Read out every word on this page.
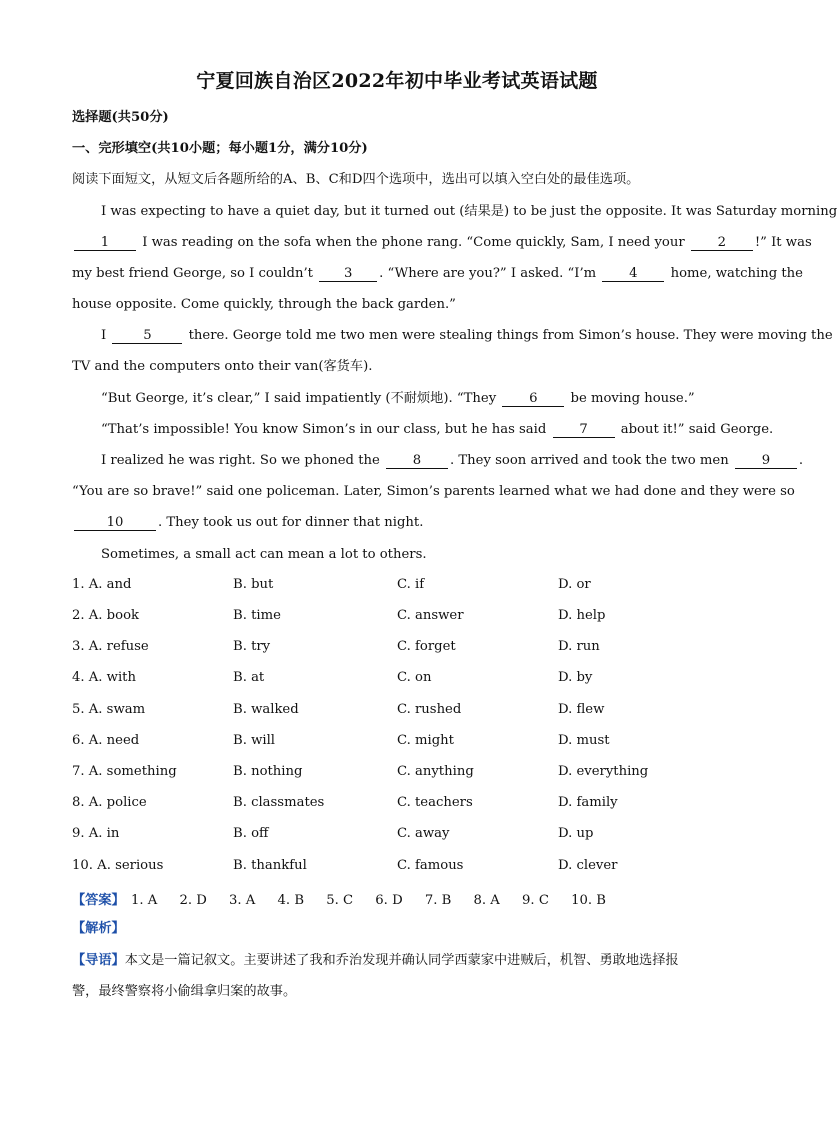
宁夏回族自治区2022年初中毕业考试英语试题
选择题(共50分)
一、完形填空(共10小题；每小题1分，满分10分)
阅读下面短文，从短文后各题所给的A、B、C和D四个选项中，选出可以填入空白处的最佳选项。
I was expecting to have a quiet day, but it turned out (结果是) to be just the opposite. It was Saturday morning
1	I was reading on the sofa when the phone rang. “Come quickly, Sam, I need your	2 !” It was
my best friend George, so I couldn’t 3 . “Where are you?” I asked. “I’m	4	home, watching the
house opposite. Come quickly, through the back garden.”
I	5	there. George told me two men were stealing things from Simon’s house. They were moving the
TV and the computers onto their van(客货车).
“But George, it’s clear,” I said impatiently (不耐烦地). “They	6	be moving house.”
“That’s impossible! You know Simon’s in our class, but he has said	7	about it!” said George.
I realized he was right. So we phoned the	8 . They soon arrived and took the two men	9 .
“You are so brave!” said one policeman. Later, Simon’s parents learned what we had done and they were so
10	. They took us out for dinner that night.
Sometimes, a small act can mean a lot to others.
1. A. and	B. but	C. if	D. or
2. A. book	B. time	C. answer	D. help
3. A. refuse	B. try	C. forget	D. run
4. A. with	B. at	C. on	D. by
5. A. swam	B. walked	C. rushed	D. flew
6. A. need	B. will	C. might	D. must
7. A. something	B. nothing	C. anything	D. everything
8. A. police	B. classmates	C. teachers	D. family
9. A. in	B. off	C. away	D. up
10. A. serious	B. thankful	C. famous	D. clever
【答案】 1. A 2. D 3. A 4. B 5. C 6. D 7. B 8. A 9. C 10. B
【解析】
【导语】本文是一篇记叙文。主要讲述了我和乔治发现并确认同学西蒙家中进贼后，机智、勇敢地选择报
警，最终警察将小偷缉拿归案的故事。
